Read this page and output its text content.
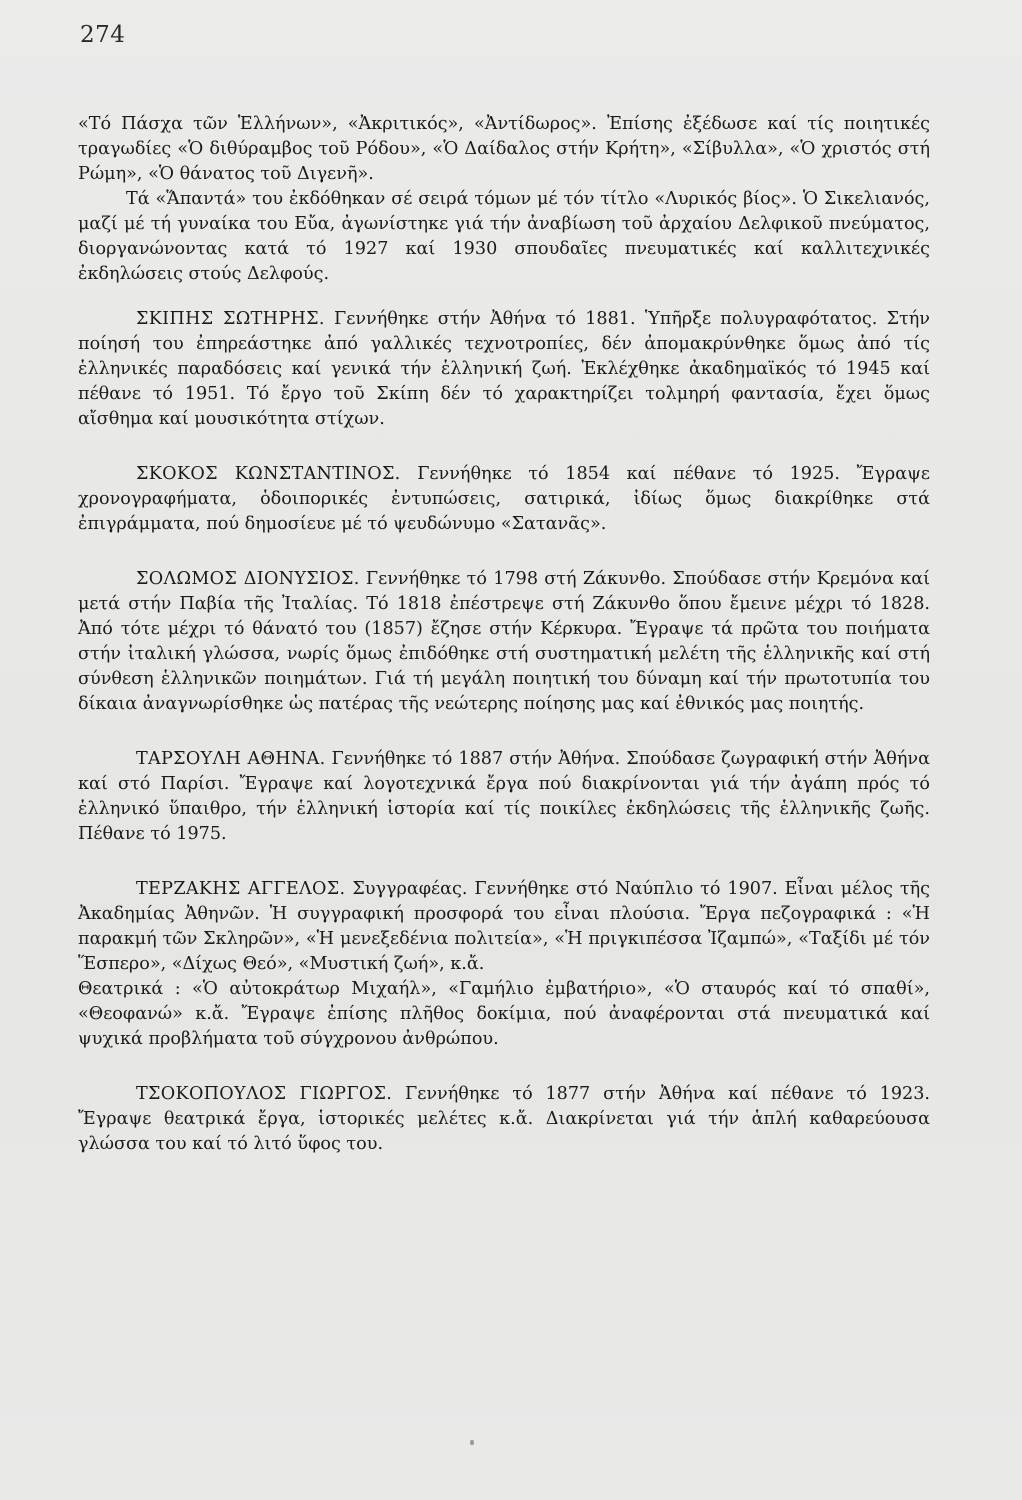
274

«Τό Πάσχα τῶν Ἑλλήνων», «Ἀκριτικός», «Ἀντίδωρος». Ἐπίσης ἐξέδωσε καί τίς ποιητικές τραγωδίες «Ὁ διθύραμβος τοῦ Ρόδου», «Ὁ Δαίδαλος στήν Κρήτη», «Σίβυλλα», «Ὁ χριστός στή Ρώμη», «Ὁ θάνατος τοῦ Διγενῆ».

Τά «Ἅπαντά» του ἐκδόθηκαν σέ σειρά τόμων μέ τόν τίτλο «Λυρικός βίος». Ὁ Σικελιανός, μαζί μέ τή γυναίκα του Εὔα, ἀγωνίστηκε γιά τήν ἀναβίωση τοῦ ἀρχαίου Δελφικοῦ πνεύματος, διοργανώνοντας κατά τό 1927 καί 1930 σπουδαῖες πνευματικές καί καλλιτεχνικές ἐκδηλώσεις στούς Δελφούς.

ΣΚΙΠΗΣ ΣΩΤΗΡΗΣ. Γεννήθηκε στήν Ἀθήνα τό 1881. Ὑπῆρξε πολυγραφότατος. Στήν ποίησή του ἐπηρεάστηκε ἀπό γαλλικές τεχνοτροπίες, δέν ἀπομακρύνθηκε ὅμως ἀπό τίς ἑλληνικές παραδόσεις καί γενικά τήν ἑλληνική ζωή. Ἐκλέχθηκε ἀκαδημαϊκός τό 1945 καί πέθανε τό 1951. Τό ἔργο τοῦ Σκίπη δέν τό χαρακτηρίζει τολμηρή φαντασία, ἔχει ὅμως αἴσθημα καί μουσικότητα στίχων.

ΣΚΟΚΟΣ ΚΩΝΣΤΑΝΤΙΝΟΣ. Γεννήθηκε τό 1854 καί πέθανε τό 1925. Ἔγραψε χρονογραφήματα, ὁδοιπορικές ἐντυπώσεις, σατιρικά, ἰδίως ὅμως διακρίθηκε στά ἐπιγράμματα, πού δημοσίευε μέ τό ψευδώνυμο «Σατανᾶς».

ΣΟΛΩΜΟΣ ΔΙΟΝΥΣΙΟΣ. Γεννήθηκε τό 1798 στή Ζάκυνθο. Σπούδασε στήν Κρεμόνα καί μετά στήν Παβία τῆς Ἰταλίας. Τό 1818 ἐπέστρεψε στή Ζάκυνθο ὅπου ἔμεινε μέχρι τό 1828. Ἀπό τότε μέχρι τό θάνατό του (1857) ἔζησε στήν Κέρκυρα. Ἔγραψε τά πρῶτα του ποιήματα στήν ἰταλική γλώσσα, νωρίς ὅμως ἐπιδόθηκε στή συστηματική μελέτη τῆς ἑλληνικῆς καί στή σύνθεση ἑλληνικῶν ποιημάτων. Γιά τή μεγάλη ποιητική του δύναμη καί τήν πρωτοτυπία του δίκαια ἀναγνωρίσθηκε ὡς πατέρας τῆς νεώτερης ποίησης μας καί ἐθνικός μας ποιητής.

ΤΑΡΣΟΥΛΗ ΑΘΗΝΑ. Γεννήθηκε τό 1887 στήν Ἀθήνα. Σπούδασε ζωγραφική στήν Ἀθήνα καί στό Παρίσι. Ἔγραψε καί λογοτεχνικά ἔργα πού διακρίνονται γιά τήν ἀγάπη πρός τό ἑλληνικό ὕπαιθρο, τήν ἑλληνική ἱστορία καί τίς ποικίλες ἐκδηλώσεις τῆς ἑλληνικῆς ζωῆς. Πέθανε τό 1975.

ΤΕΡΖΑΚΗΣ ΑΓΓΕΛΟΣ. Συγγραφέας. Γεννήθηκε στό Ναύπλιο τό 1907. Εἶναι μέλος τῆς Ἀκαδημίας Ἀθηνῶν. Ἡ συγγραφική προσφορά του εἶναι πλούσια. Ἔργα πεζογραφικά : «Ἡ παρακμή τῶν Σκληρῶν», «Ἡ μενεξεδένια πολιτεία», «Ἡ πριγκιπέσσα Ἰζαμπώ», «Ταξίδι μέ τόν Ἕσπερο», «Δίχως Θεό», «Μυστική ζωή», κ.ἄ.

Θεατρικά : «Ὁ αὐτοκράτωρ Μιχαήλ», «Γαμήλιο ἐμβατήριο», «Ὁ σταυρός καί τό σπαθί», «Θεοφανώ» κ.ἄ. Ἔγραψε ἐπίσης πλῆθος δοκίμια, πού ἀναφέρονται στά πνευματικά καί ψυχικά προβλήματα τοῦ σύγχρονου ἀνθρώπου.

ΤΣΟΚΟΠΟΥΛΟΣ ΓΙΩΡΓΟΣ. Γεννήθηκε τό 1877 στήν Ἀθήνα καί πέθανε τό 1923. Ἔγραψε θεατρικά ἔργα, ἱστορικές μελέτες κ.ἄ. Διακρίνεται γιά τήν ἁπλή καθαρεύουσα γλώσσα του καί τό λιτό ὕφος του.
